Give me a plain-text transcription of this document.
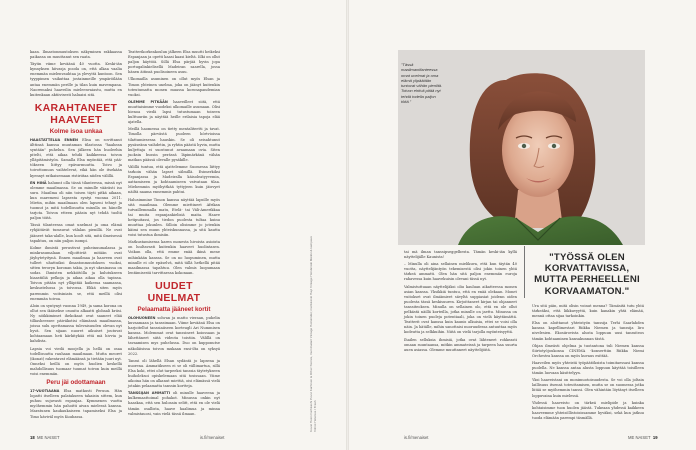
kaan. Ilmastonmuutoksen näkyminen rakkaassa paikassa on muuttanut sen raata.

Täytin viime keväänä 40 vuotta. Keski-iän kynnyksen hiivasja pooda on, että alkaa vaalia enemmän mielenvauhtaa ja ylevyttä kuntoon. Sen tyyppimen vaikuttaa jostainmeille ympäröilään antaa enemmän perille ja tilan kuin mavempana. Naoremaksi haaveilin mieleenvaiastu, mutta en kuitenkaan aktiivisesti haluaisi sitä.

KARAHTANEET HAAVEET
Kolme isoa unkaa

HAASTATTELUA ENNEN Elisa on sovittanut älttinsä kanssa muutaman tilastossa "haahean syntään" puhelun. Sen jälkeen hän huoleehin pitelti, että aikaa tehdä kaikkeessa toivon ylläpitämistyön. Samalla Elsa myöntää, että pää-tökseen liittyy epävarmuutta. Toivo ja toivottomuus vaihtelevat, eikä hän ole itsekään kyennyt ratkaisemaan ristiriitaa niiden välillä.

EN HINÄ halunnt olla tässä tilanteessa, missä nyt olemme maailmassa. Se on minulle väärästi iso suru. Maailma oli niin toisen täyti pitkä aikaan, kun maremeni lapsesta syntyi vuonna 2011. Mietin, mihin maailmaan olen lapseni tehnyt ja tuomut ja mitä todellisuutta minulla on hänelle tarjota. Toivon etteen pääsin nyt tehdä tuoltä paljon töitä.

Tässä tilanteessa omat unelmat ja oma elämä ryhjäitävät tumsuvat välalan pienillä. Ne ovat jääneet taka-alalle, kun koolt sitä, mitä ilmeisessä tapahtuu, on niin paljon isompi.

Kolme ihmistä perustivat puheinuumalassa ja minkrasumalaan viljoittivät mitään ovat jäyhytetyitynä. Ennen maailmaa ja haaveen ovat tulleet uhattuiksi ilmastonmuutoksen vuoksi, sitten teroryn koronan takia, ja nyt ukrainassa on sodas. Ihmisten nekkiötölla ja kulutukseen hiaastiiliä pelkoja ja aikaa aikaa olla tapinsa. Toivon pitään nyt ylläpitää kaikessa saamansa, keskustelussa ja toivossa. Elikä siten myös paremmin voitsiniatu se, että meillä olisi enemmän toivoa.

Aloin on syntynyt vuonna 1949, ja sama korona on ollut sen ikäisekse osuuitu alkaatti globaali kriisi. Ny nöikkimimet ihekokaat ovat saaneet elää tilliasheessee päiväkotisi elämänsä maailmassa, joissa sulu opettamassa tulevaisuuden olevan nyt hyvä. Sen sijaan nuoret aikuiset joutuvat kohtaamaan heti kärkitykää että mä hivvia ja kahdista.

Lapsia voi viedä moojella ja hellä on osaa todellisuutta rauhaan maailmaan. Mutta meoret (ikonat) rakentavat elämäänsä ja tietään juuri nyt. Onneksi heillä on myös huolien keskellä mahdollisuus tuomaar tuumat toivon kuin meillä voisi enemmän.

Peru jäi odottamaan

17-VUOTIAANA Elsa matkusti Peruun. Hän lopatti itselleen palatakseen takaisin sittem, kun puhuu sujuvasti espanjaa. Kymmenen vuotta myöhemmin hän pahoitti aivan mielessä kanssa. Maratunen kaukaukaiseen tapamiseksi Elsa ja Timo käviväl myös Kuubassa.

Teatterikorkeakoulun jälkeen Elsa muutti heikeksi Espanjaan ja opetti kaasi kaasi kieltä. Iilki on ollut paljon käyttöä. Sillä Elsa pärjää hyvin jopa portugalinkielisellä Madeiran saarella, jossa hänen äitinsä puolisoineen asuu.

Ulkomailla asuminen on ollut myös Elsan ja Timon yhteinen unelma, joka on jäänyt kuitenkin toteutumatta monen muassa koronapandemian vuoksi.

OLEMME PITKÄÄN haaveilleet siitä, että muuttaisimme vuodeksi ulkomaille asumaan. Olisi hienoa viedä lapsi tutustumaan toiseen kulttuuriin ja näyttää heille erilaisia tapoja elää ajatella.

Meillä haomessa on tietty mentaliteetti ja tavat. Timolla pärvästä puoleen hörtvioissa tilattumiesessa hauskin. Se oli seisahtunut pysäseänn vaihdetin, ja ryhtin päästä hyvin, mutta kuljettaja ei suostunut avaamaan ovia. Siten juoksin bussin perässä läpimärkänä vähän matkan päässä olevalle pysäkille.

Välillä tuntuu, että ajattelemme Suomessa liittyy tarkoin vähän lapset sälmillä. Esimerkiksi Espanjassa ja Madeiralla käisoleatyyvemin, aattamiseen ja kohtaamiseen vatvataan tilaa. Miehemmin myöhyttkää tyttyjeen kuin jäisvyet näiltä naama ennemmis pahtui.

Halusimmine Timon kanssa näyttää lapsille myös sitä maailmaa. Olemme miettineet Afrikan tutvaillemmalla matu, Etelä- tai Väli-Amerikkaa tai muita espanjankielisiä maita. Haave hetipuitassi, jos tiedon puolesta tultaa kuinu muuttaa jokunlen. Silloin olisimme jo jotenkin käimi sen muun yhteiskunnassa, ja sitä kautta voisi tutustua ihmisiin.

Matkustamisessa karen monesta hivoista asioista on luultavasti kuitenkin haaveet huolintasen. Voikun olla, että emme enää ikinä mene mihinkään kanssa. Se on no luopuminen, mutta minulle ei ole epäselvä, mitä tällä hetkellä pitää maailmassa tapahtuu. Olen valmis luopumaan lentämisestä tarvittaessa kokonaan.

UUDET UNELMAT
Pelaamatta jääneet kortit

OLOHUONEEN sohvan ja matto vieraan, puhelin kuvaamaan ja tanssimaan. Viime keväänä Elsa on harjoitellut tanssiaiiseen korteugli Ari Nummisen kanssa. Molemmat ovat tanssineet koiossaan ja lähettäneet siitä videota toistiin. Välillä on tavaamisen mys puhelussa. Duo on kupponutse näkoläisissa toivon mukaan ensi-ilta on syksyä 2022.

Tanssi oli lähellä Elsan sydäntä jo lapsena ja nuorena. Ammatikseen ei se oli vällimartua, sillä Elsa koki, ettei olut tarpeeksi tanssia täytetykseen huiholeksoi opiskelemaan sitä tosissaan. Viime aikoina hän on alkanut miettiä, oisi elämässä vielä jotakin pelaamatta tanssin kortteja.

TANSSIJAN AMMATTI oli minulle haaveena ja kulkemaattoimal pohakot. Minussa onkin nyt haaskaa, että sen hulosain selitt, että en ole vielä tämän osallista, haave haalimua ja minna valmistauosi, vain vielä tässä ilmaan.	Kuvat Hosin Farhkashi Puvut Karhinen & Other Stories, mummalanl Vintage Heinämäki; merikkenki Hayi Vintage Heinämäki Meikki & kampaus Vilmöi Helenius / Trash
18 ME NAISET	is.fi/menaiset
"Tässä maailmantilanteessa omat unelmat ja oma elämä ylipäätään tuntuvat vähän pieniltä. Toivon ehtivä pitää nyt tehdä todella paljon töitä."

tai mä ilman tanssipseggelbesta. Tämän keski-iän kyllä näyttelijälle Kaunista!

– Minulla oli aina sellainen mielikuva, että kun täytän 40 vuotta, näyttelijäntyön tekemisestä olisi jokin toinen yhtä tärkeä ammatti. Olen hän sitä paljon enemmän euroja rahavessa kuin haavekuisin olevani tässä nyt.

Valmistuttuaan näyttelijäksi oliu kauluan aikatteessa monen asian kanssa. Yksikkiä tuntuu, että en enää olekaan. Monet vuitokset ovat ilmiämieet sävyltä suppiasiat joidenn oiden puolesta tässä keskisuuren. Kirjoittaneet kirjan tai ohjanneet tanssiteoksen. Minulla on sellainen olo, että en ole ollut pelkästä näillä korteilla, jotka minulle on jaettu. Minussa on jokin toinen puoleja potentiaali, joka on vielä käyttämättä. Teatterit ovat kanssa kuin kaunis alkuisia, ettei se voisi olla näin. Ja hätälle, mihin sanottaisi nuoruudessa antuuttaa myös kodeutta ja selkkuihin. Niitä on vielä tarjolla myönteisyyttä.

Ihailen selluksia ihmisiä, jotka ovat lähteneet rohkeasti omaan suuntaansa, mitkin ammateissä ja tarpeen haa suurta auen asiassa. Olemme muuttaneet näyttelijöitä.

"TYÖSSÄ OLEN KORVATTAVISSA, MUTTA PERHEELLENI KORVAAMATON."

Ura sitä päin, mitä olisin voinut menna? Tämäsitä tutu yhtä tärkeäksi, että liikkuvyyttä, kuin kanakin yhtä elämää, mennä ottaa sijaa tarkoinkin.

Elsa on aloittanut yhteistyön tanssija Terhi Saarlahden kanssa kapellimestari Riikka Niemen ja tanssija Iiro nivelesien. Ekosiirovista alusta loppuun uusi tanssiteos tämän kohtaaminen kansakunnan tästä.

Ohjan ilmeästi ohjelma ja tuotantona tuli Niemen kanssa Siirtotyöjoukonsa CINEMA -konserttiin Riikka Niemi Orchestra kanssa on myös kuvaus esittää.

Haaveilen myös yhteistä työpäätöksista toimitaessasi kanssa puolella. Ne kanssa antaa alusta loppuun käyttää toisilleen tämän luovaan käsittelyyn.

Yksi haaveistani on monimuotoisuudesta. Se voi olla joltain laillisuus itsensä toteuttamisen, mutta se on suomessa jotka liitää se myöhemmin tanssi. Olen vähintäin löytänyt itselleen loppuvaina kuin mielessä.

Yhdessä haaveisto on tärkeä mielipide ja kuinka kohtaisimme tuon huolen jäästä. Tukeaan yhdessä kaikkeen haaveemme yhteisöllistoisissamme hyväksi, sekä kun jatkuu tuoda elämään parempi täsmällä.

is.fi/menaiset	ME NAISET 19
